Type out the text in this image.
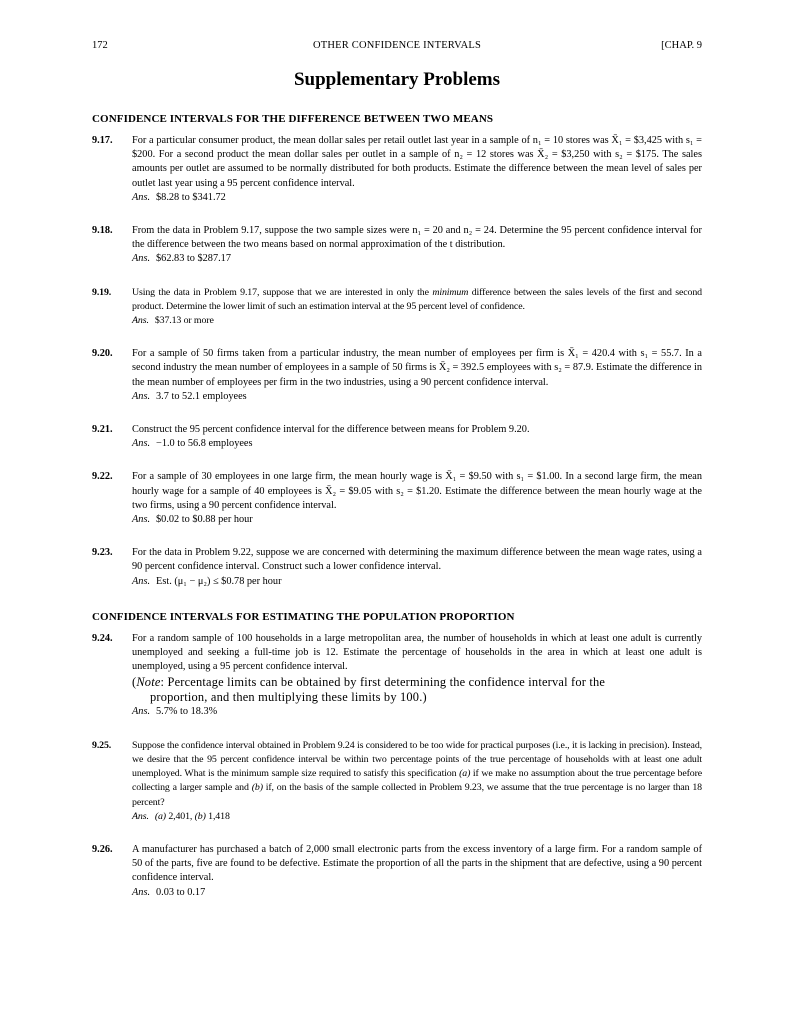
172	OTHER CONFIDENCE INTERVALS	[CHAP. 9
Supplementary Problems
CONFIDENCE INTERVALS FOR THE DIFFERENCE BETWEEN TWO MEANS
9.17. For a particular consumer product, the mean dollar sales per retail outlet last year in a sample of n₁ = 10 stores was X̄₁ = $3,425 with s₁ = $200. For a second product the mean dollar sales per outlet in a sample of n₂ = 12 stores was X̄₂ = $3,250 with s₂ = $175. The sales amounts per outlet are assumed to be normally distributed for both products. Estimate the difference between the mean level of sales per outlet last year using a 95 percent confidence interval.
Ans. $8.28 to $341.72
9.18. From the data in Problem 9.17, suppose the two sample sizes were n₁ = 20 and n₂ = 24. Determine the 95 percent confidence interval for the difference between the two means based on normal approximation of the t distribution.
Ans. $62.83 to $287.17
9.19. Using the data in Problem 9.17, suppose that we are interested in only the minimum difference between the sales levels of the first and second product. Determine the lower limit of such an estimation interval at the 95 percent level of confidence.
Ans. $37.13 or more
9.20. For a sample of 50 firms taken from a particular industry, the mean number of employees per firm is X̄₁ = 420.4 with s₁ = 55.7. In a second industry the mean number of employees in a sample of 50 firms is X̄₂ = 392.5 employees with s₂ = 87.9. Estimate the difference in the mean number of employees per firm in the two industries, using a 90 percent confidence interval.
Ans. 3.7 to 52.1 employees
9.21. Construct the 95 percent confidence interval for the difference between means for Problem 9.20.
Ans. −1.0 to 56.8 employees
9.22. For a sample of 30 employees in one large firm, the mean hourly wage is X̄₁ = $9.50 with s₁ = $1.00. In a second large firm, the mean hourly wage for a sample of 40 employees is X̄₂ = $9.05 with s₂ = $1.20. Estimate the difference between the mean hourly wage at the two firms, using a 90 percent confidence interval.
Ans. $0.02 to $0.88 per hour
9.23. For the data in Problem 9.22, suppose we are concerned with determining the maximum difference between the mean wage rates, using a 90 percent confidence interval. Construct such a lower confidence interval.
Ans. Est. (μ₁ − μ₂) ≤ $0.78 per hour
CONFIDENCE INTERVALS FOR ESTIMATING THE POPULATION PROPORTION
9.24. For a random sample of 100 households in a large metropolitan area, the number of households in which at least one adult is currently unemployed and seeking a full-time job is 12. Estimate the percentage of households in the area in which at least one adult is unemployed, using a 95 percent confidence interval.
(Note: Percentage limits can be obtained by first determining the confidence interval for the
proportion, and then multiplying these limits by 100.)
Ans. 5.7% to 18.3%
9.25. Suppose the confidence interval obtained in Problem 9.24 is considered to be too wide for practical purposes (i.e., it is lacking in precision). Instead, we desire that the 95 percent confidence interval be within two percentage points of the true percentage of households with at least one adult unemployed. What is the minimum sample size required to satisfy this specification (a) if we make no assumption about the true percentage before collecting a larger sample and (b) if, on the basis of the sample collected in Problem 9.23, we assume that the true percentage is no larger than 18 percent?
Ans. (a) 2,401, (b) 1,418
9.26. A manufacturer has purchased a batch of 2,000 small electronic parts from the excess inventory of a large firm. For a random sample of 50 of the parts, five are found to be defective. Estimate the proportion of all the parts in the shipment that are defective, using a 90 percent confidence interval.
Ans. 0.03 to 0.17
